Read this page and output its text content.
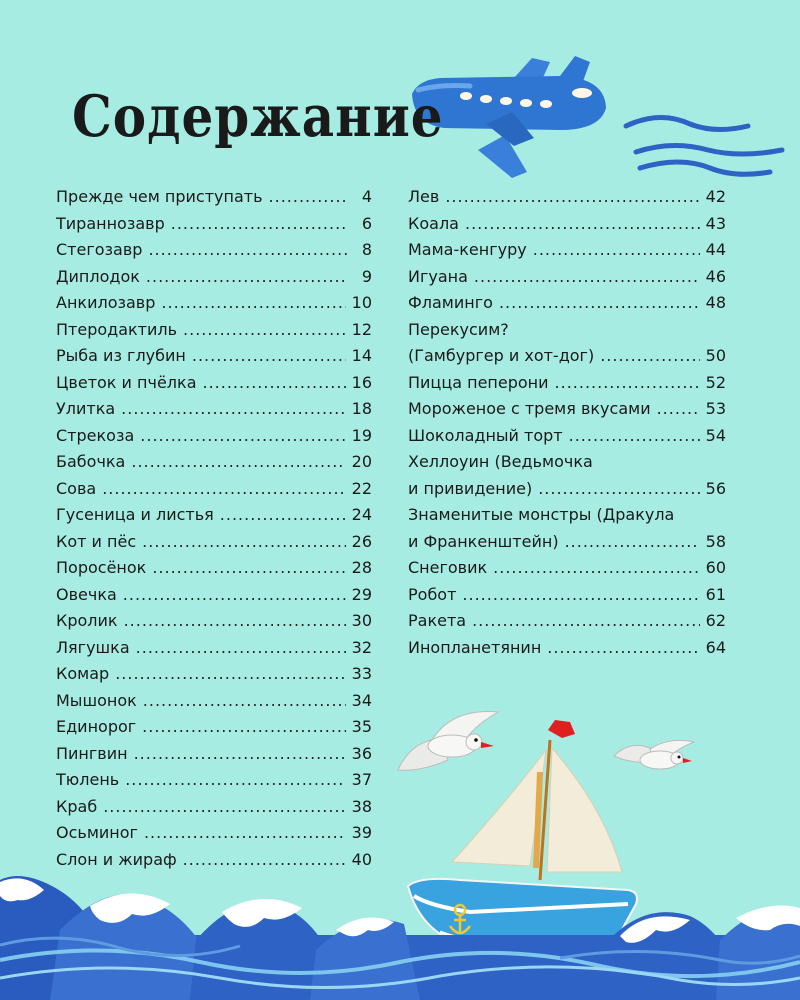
Содержание
Прежде чем приступать .....	4
Тираннозавр .....	6
Стегозавр .....	8
Диплодок .....	9
Анкилозавр .....	10
Птеродактиль .....	12
Рыба из глубин .....	14
Цветок и пчёлка .....	16
Улитка .....	18
Стрекоза .....	19
Бабочка .....	20
Сова .....	22
Гусеница и листья .....	24
Кот и пёс .....	26
Поросёнок .....	28
Овечка .....	29
Кролик .....	30
Лягушка .....	32
Комар .....	33
Мышонок .....	34
Единорог .....	35
Пингвин .....	36
Тюлень .....	37
Краб .....	38
Осьминог .....	39
Слон и жираф .....	40
Лев .....	42
Коала .....	43
Мама-кенгуру .....	44
Игуана .....	46
Фламинго .....	48
Перекусим?
(Гамбургер и хот-дог) .....	50
Пицца пеперони .....	52
Мороженое с тремя вкусами .....	53
Шоколадный торт .....	54
Хеллоуин (Ведьмочка
и привидение) .....	56
Знаменитые монстры (Дракула
и Франкенштейн) .....	58
Снеговик .....	60
Робот .....	61
Ракета .....	62
Инопланетянин .....	64
